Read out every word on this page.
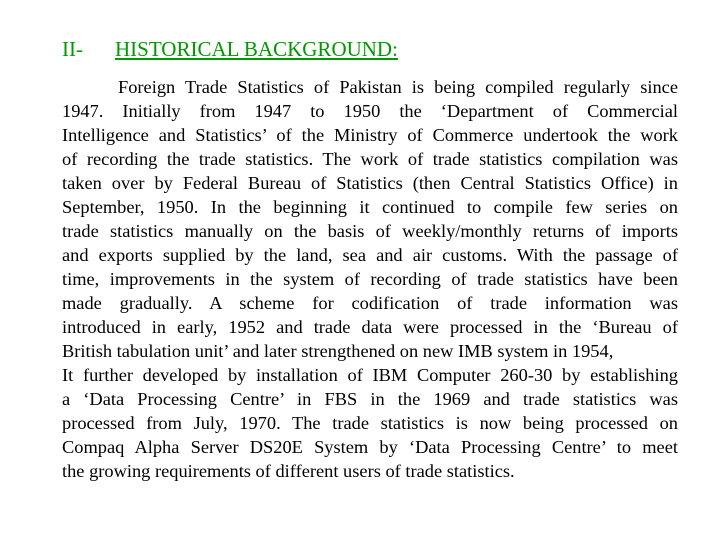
II- HISTORICAL BACKGROUND:
Foreign Trade Statistics of Pakistan is being compiled regularly since
1947. Initially from 1947 to 1950 the ‘Department of Commercial
Intelligence and Statistics’ of the Ministry of Commerce undertook the work
of recording the trade statistics. The work of trade statistics compilation was
taken over by Federal Bureau of Statistics (then Central Statistics Office) in
September, 1950. In the beginning it continued to compile few series on
trade statistics manually on the basis of weekly/monthly returns of imports
and exports supplied by the land, sea and air customs. With the passage of
time, improvements in the system of recording of trade statistics have been
made gradually. A scheme for codification of trade information was
introduced in early, 1952 and trade data were processed in the ‘Bureau of
British tabulation unit’ and later strengthened on new IMB system in 1954,
It further developed by installation of IBM Computer 260-30 by establishing
a ‘Data Processing Centre’ in FBS in the 1969 and trade statistics was
processed from July, 1970. The trade statistics is now being processed on
Compaq Alpha Server DS20E System by ‘Data Processing Centre’ to meet
the growing requirements of different users of trade statistics.
